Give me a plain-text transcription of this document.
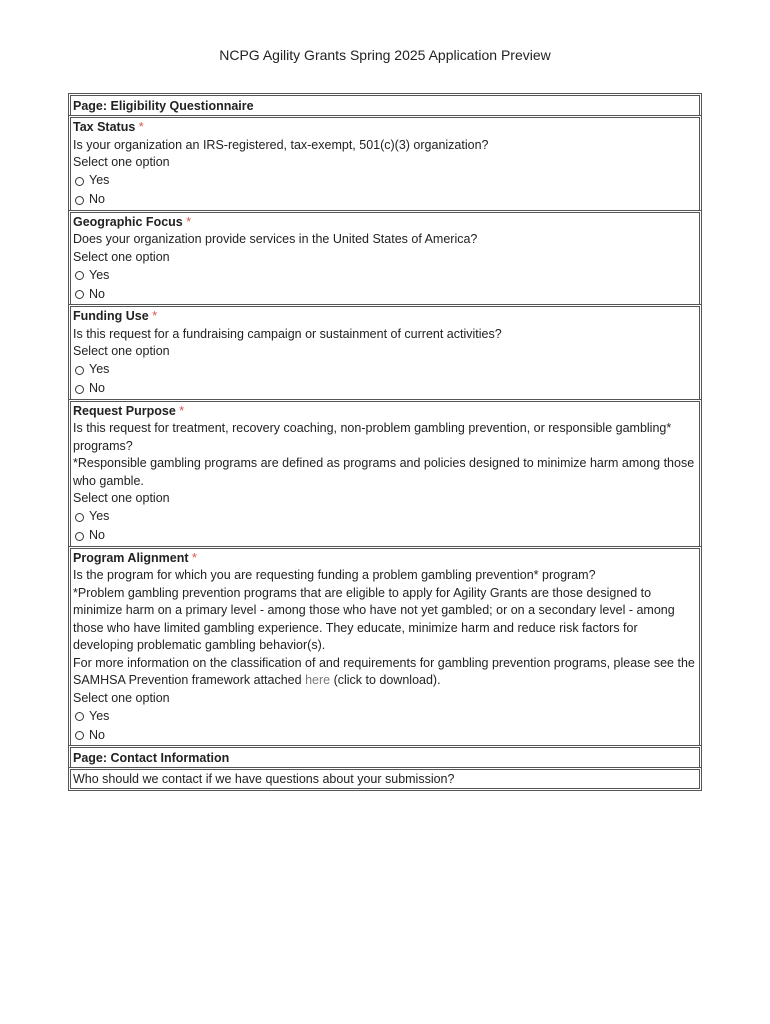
NCPG Agility Grants Spring 2025 Application Preview
Page: Eligibility Questionnaire
Tax Status *
Is your organization an IRS-registered, tax-exempt, 501(c)(3) organization?
Select one option
Yes
No
Geographic Focus *
Does your organization provide services in the United States of America?
Select one option
Yes
No
Funding Use *
Is this request for a fundraising campaign or sustainment of current activities?
Select one option
Yes
No
Request Purpose *
Is this request for treatment, recovery coaching, non-problem gambling prevention, or responsible gambling* programs?
*Responsible gambling programs are defined as programs and policies designed to minimize harm among those who gamble.
Select one option
Yes
No
Program Alignment *
Is the program for which you are requesting funding a problem gambling prevention* program?
*Problem gambling prevention programs that are eligible to apply for Agility Grants are those designed to minimize harm on a primary level - among those who have not yet gambled; or on a secondary level - among those who have limited gambling experience. They educate, minimize harm and reduce risk factors for developing problematic gambling behavior(s).
For more information on the classification of and requirements for gambling prevention programs, please see the SAMHSA Prevention framework attached here (click to download).
Select one option
Yes
No
Page: Contact Information
Who should we contact if we have questions about your submission?
